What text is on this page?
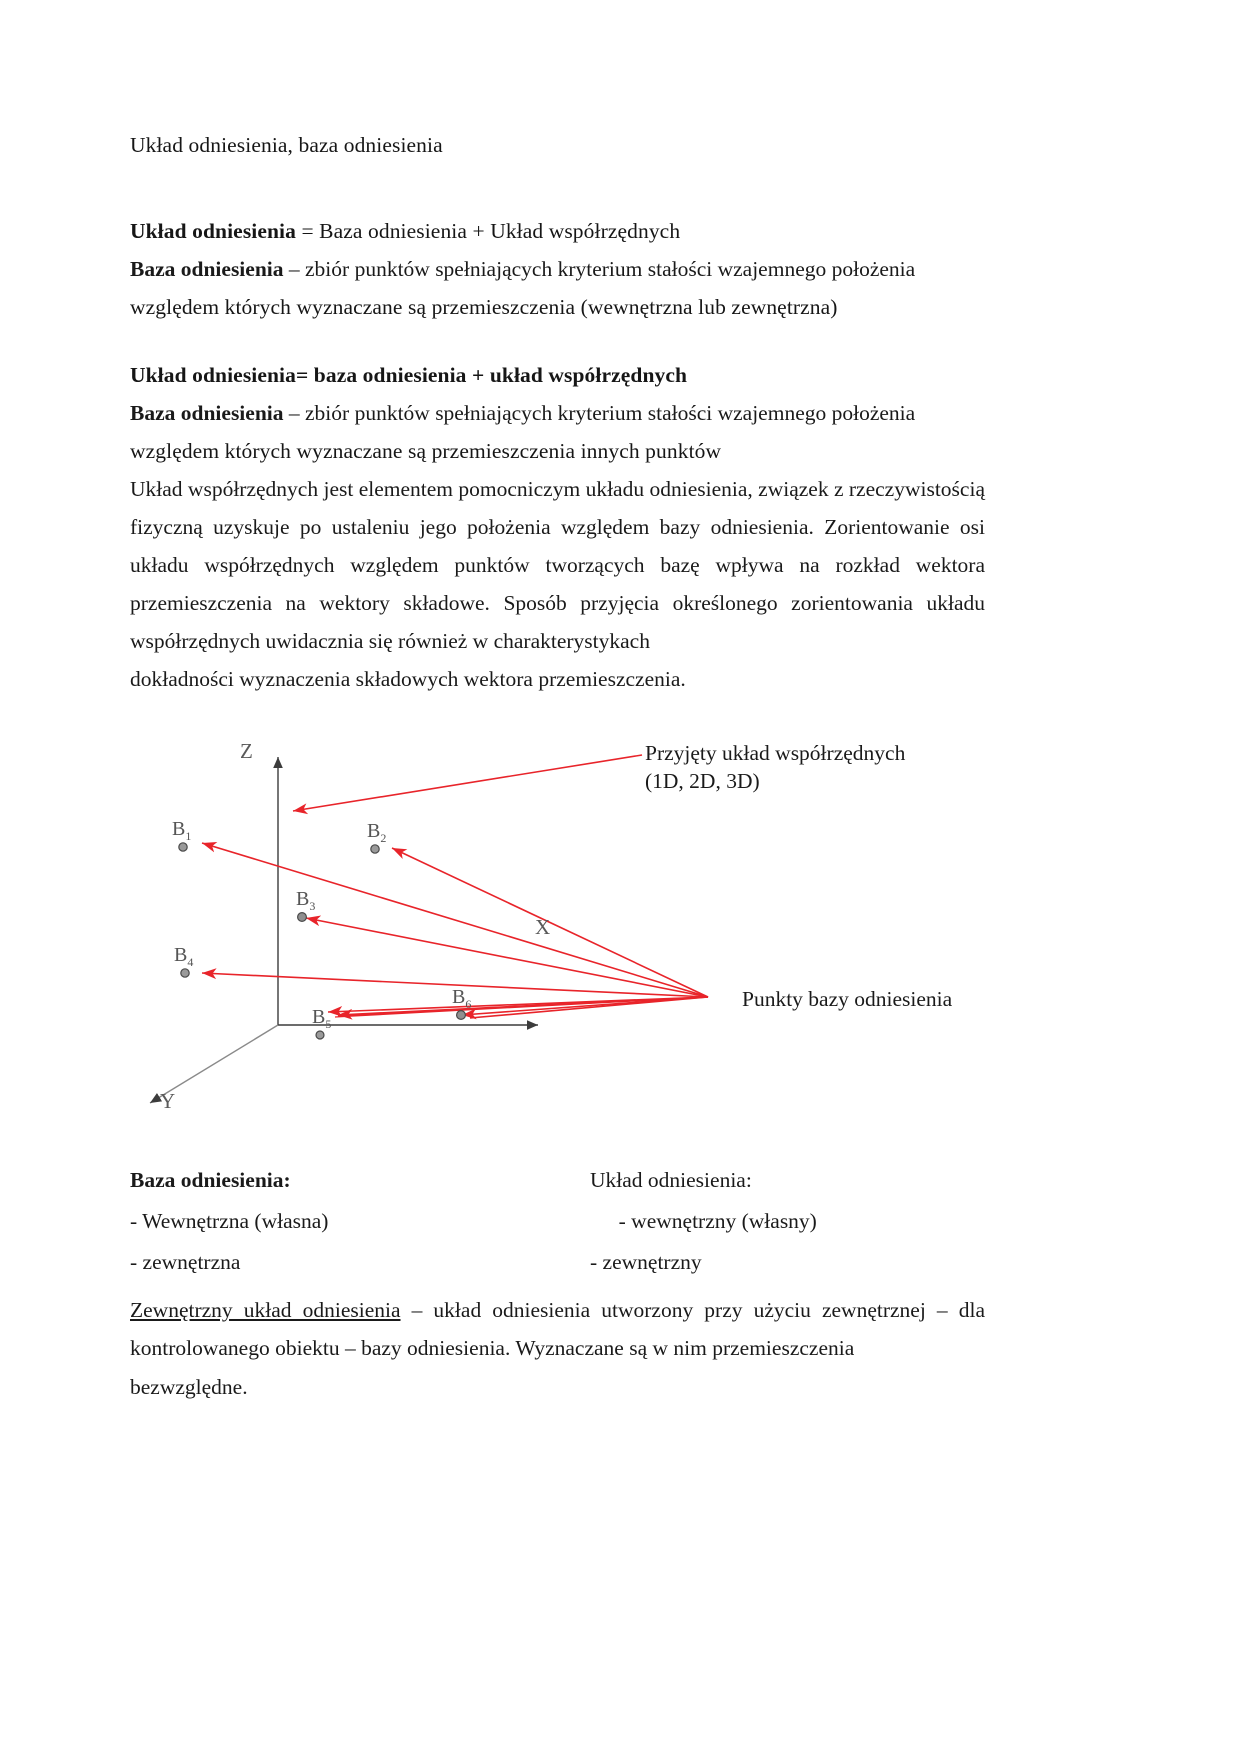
Układ odniesienia, baza odniesienia
Układ odniesienia = Baza odniesienia + Układ współrzędnych
Baza odniesienia – zbiór punktów spełniających kryterium stałości wzajemnego położenia
względem których wyznaczane są przemieszczenia (wewnętrzna lub zewnętrzna)
Układ odniesienia= baza odniesienia + układ współrzędnych
Baza odniesienia – zbiór punktów spełniających kryterium stałości wzajemnego położenia
względem których wyznaczane są przemieszczenia innych punktów
Układ współrzędnych jest elementem pomocniczym układu odniesienia, związek z rzeczywistością fizyczną uzyskuje po ustaleniu jego położenia względem bazy odniesienia. Zorientowanie osi układu współrzędnych względem punktów tworzących bazę wpływa na rozkład wektora przemieszczenia na wektory składowe. Sposób przyjęcia określonego zorientowania układu współrzędnych uwidacznia się również w charakterystykach
dokładności wyznaczenia składowych wektora przemieszczenia.
Z
X
Y
$B_1$	$B_2$
$B_3$
$B_4$
$B_5$
$B_6$
Przyjęty układ współrzędnych
(1D, 2D, 3D)
Punkty bazy odniesienia
Baza odniesienia:	Układ odniesienia:
- Wewnętrzna (własna)	- wewnętrzny (własny)
- zewnętrzna	- zewnętrzny
Zewnętrzny układ odniesienia – układ odniesienia utworzony przy użyciu zewnętrznej – dla kontrolowanego obiektu – bazy odniesienia. Wyznaczane są w nim przemieszczenia
bezwzględne.
